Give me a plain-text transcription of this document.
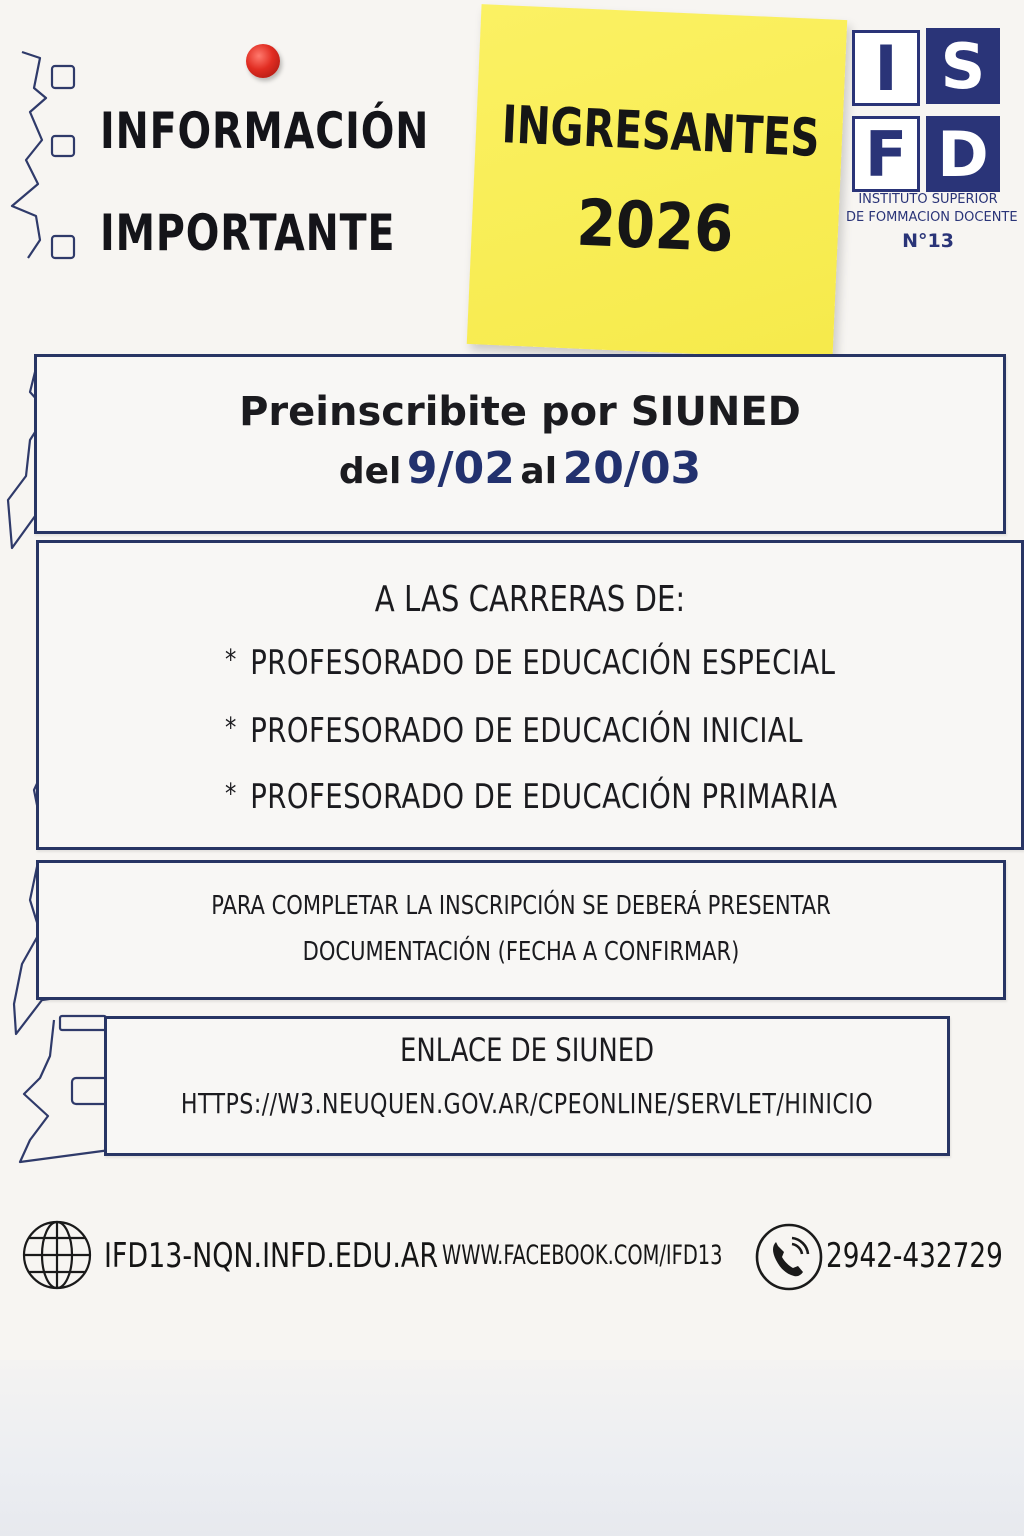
INFORMACIÓN
IMPORTANTE
INGRESANTES
2026
I S
F D
INSTITUTO SUPERIOR
DE FOMMACION DOCENTE
N°13
Preinscribite por SIUNED
del 9/02 al 20/03
A LAS CARRERAS DE:
* PROFESORADO DE EDUCACIÓN ESPECIAL
* PROFESORADO DE EDUCACIÓN INICIAL
* PROFESORADO DE EDUCACIÓN PRIMARIA
PARA COMPLETAR LA INSCRIPCIÓN SE DEBERÁ PRESENTAR
DOCUMENTACIÓN (FECHA A CONFIRMAR)
ENLACE DE SIUNED
HTTPS://W3.NEUQUEN.GOV.AR/CPEONLINE/SERVLET/HINICIO
IFD13-NQN.INFD.EDU.AR WWW.FACEBOOK.COM/IFD13	2942-432729
